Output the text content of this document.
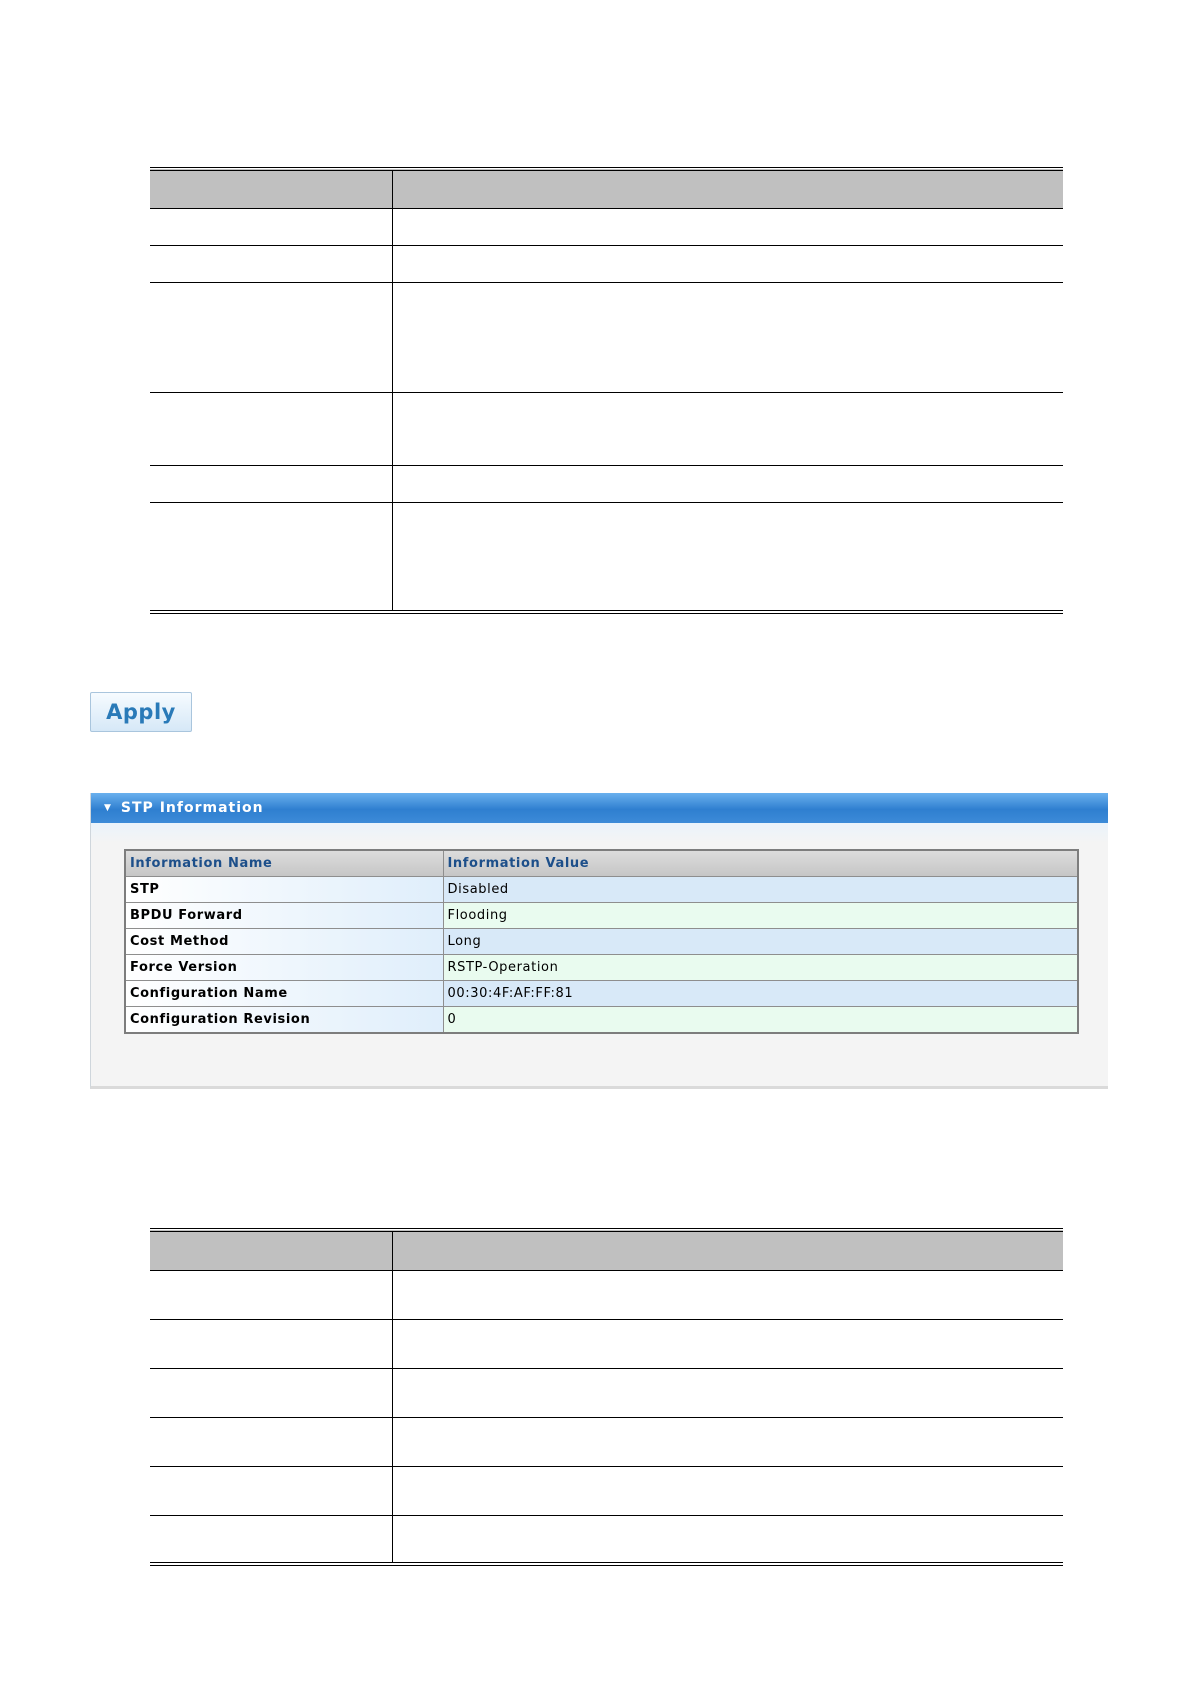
Apply
▼ STP Information
Information Name	Information Value
STP	Disabled
BPDU Forward	Flooding
Cost Method	Long
Force Version	RSTP-Operation
Configuration Name	00:30:4F:AF:FF:81
Configuration Revision	0
